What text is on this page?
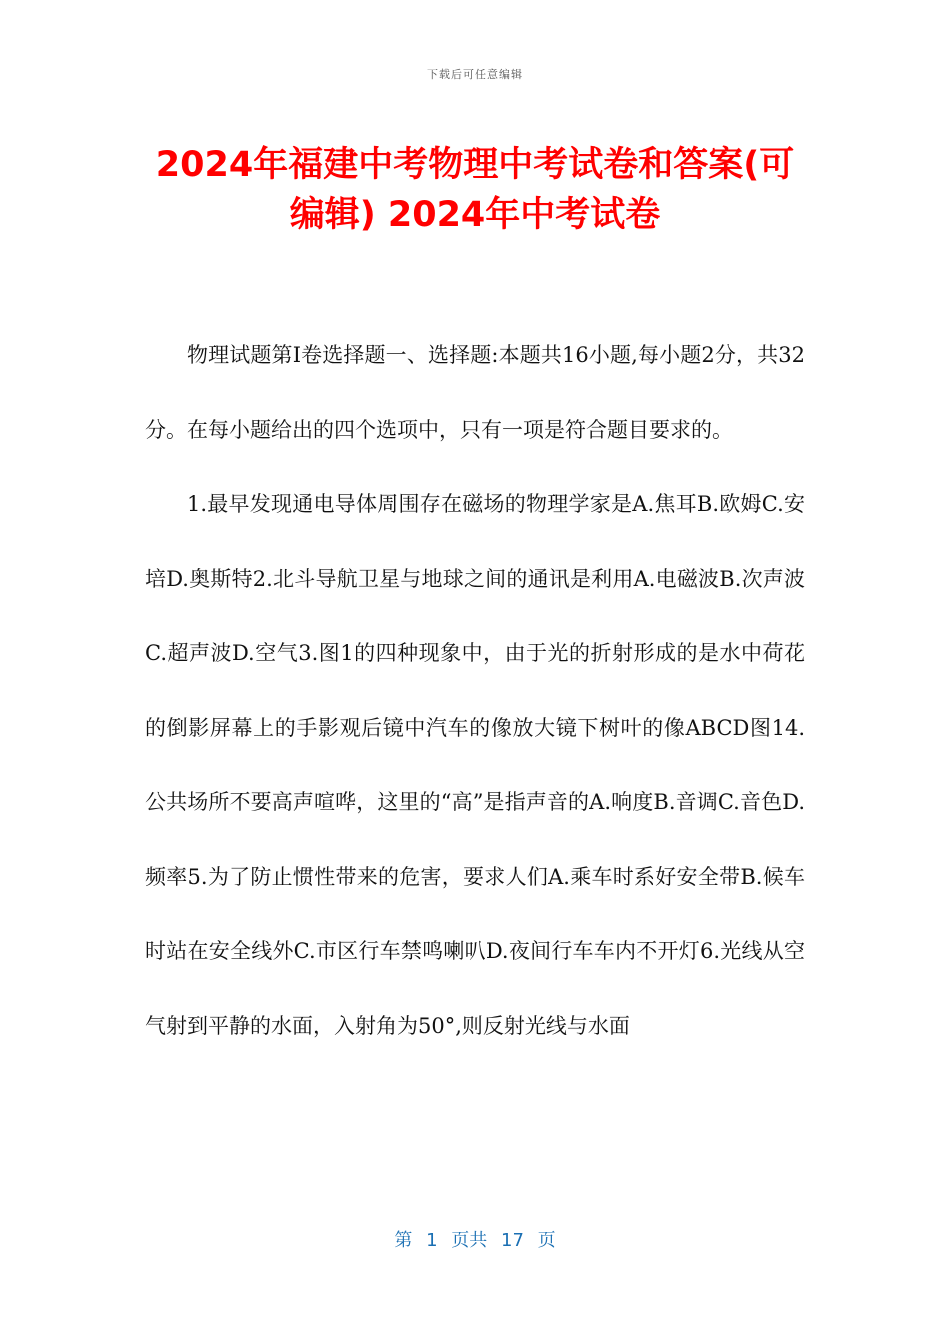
下载后可任意编辑
2024年福建中考物理中考试卷和答案(可编辑) 2024年中考试卷

物理试题第Ⅰ卷选择题一、选择题:本题共16小题,每小题2分，共32分。在每小题给出的四个选项中，只有一项是符合题目要求的。

1.最早发现通电导体周围存在磁场的物理学家是A.焦耳B.欧姆C.安培D.奥斯特2.北斗导航卫星与地球之间的通讯是利用A.电磁波B.次声波C.超声波D.空气3.图1的四种现象中，由于光的折射形成的是水中荷花的倒影屏幕上的手影观后镜中汽车的像放大镜下树叶的像ABCD图14.公共场所不要高声喧哗，这里的“高”是指声音的A.响度B.音调C.音色D.频率5.为了防止惯性带来的危害，要求人们A.乘车时系好安全带B.候车时站在安全线外C.市区行车禁鸣喇叭D.夜间行车车内不开灯6.光线从空气射到平静的水面，入射角为50°,则反射光线与水面

第 1 页共 17 页
